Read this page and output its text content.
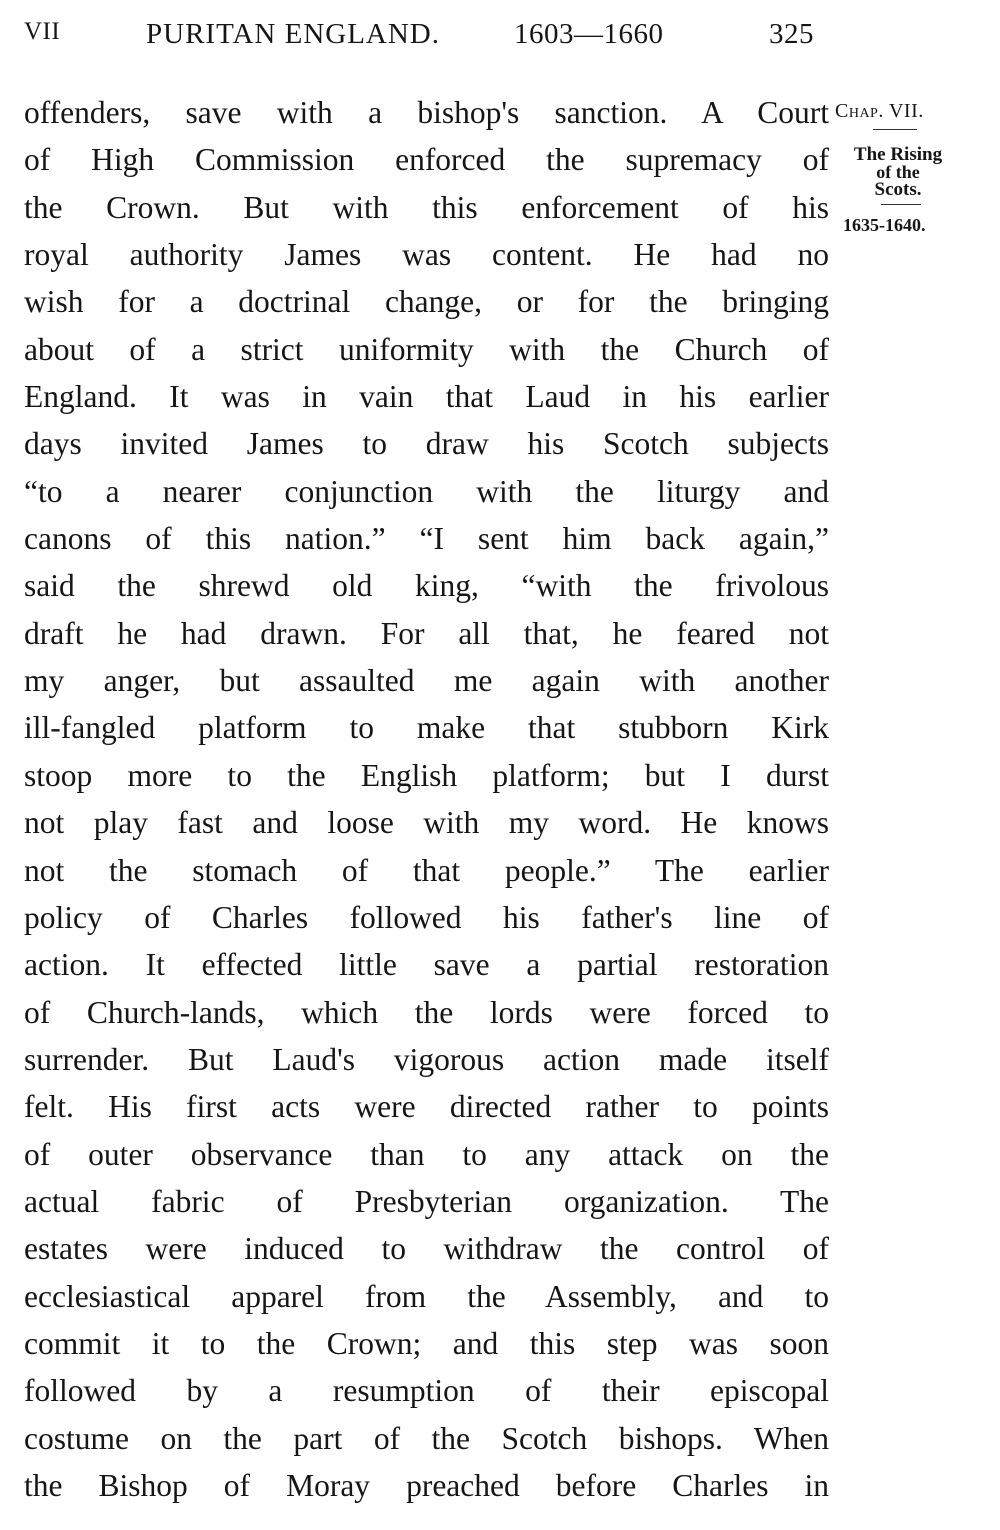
VII	PURITAN ENGLAND.	1603—1660	325
offenders, save with a bishop's sanction. A Court
of High Commission enforced the supremacy of
the Crown. But with this enforcement of his
royal authority James was content. He had no
wish for a doctrinal change, or for the bringing
about of a strict uniformity with the Church of
England. It was in vain that Laud in his earlier
days invited James to draw his Scotch subjects
“to a nearer conjunction with the liturgy and
canons of this nation.” “I sent him back again,”
said the shrewd old king, “with the frivolous
draft he had drawn. For all that, he feared not
my anger, but assaulted me again with another
ill-fangled platform to make that stubborn Kirk
stoop more to the English platform; but I durst
not play fast and loose with my word. He knows
not the stomach of that people.” The earlier
policy of Charles followed his father's line of
action. It effected little save a partial restoration
of Church-lands, which the lords were forced to
surrender. But Laud's vigorous action made itself
felt. His first acts were directed rather to points
of outer observance than to any attack on the
actual fabric of Presbyterian organization. The
estates were induced to withdraw the control of
ecclesiastical apparel from the Assembly, and to
commit it to the Crown; and this step was soon
followed by a resumption of their episcopal
costume on the part of the Scotch bishops. When
the Bishop of Moray preached before Charles in
Chap. VII.
The Rising
of the
Scots.
1635-1640.
